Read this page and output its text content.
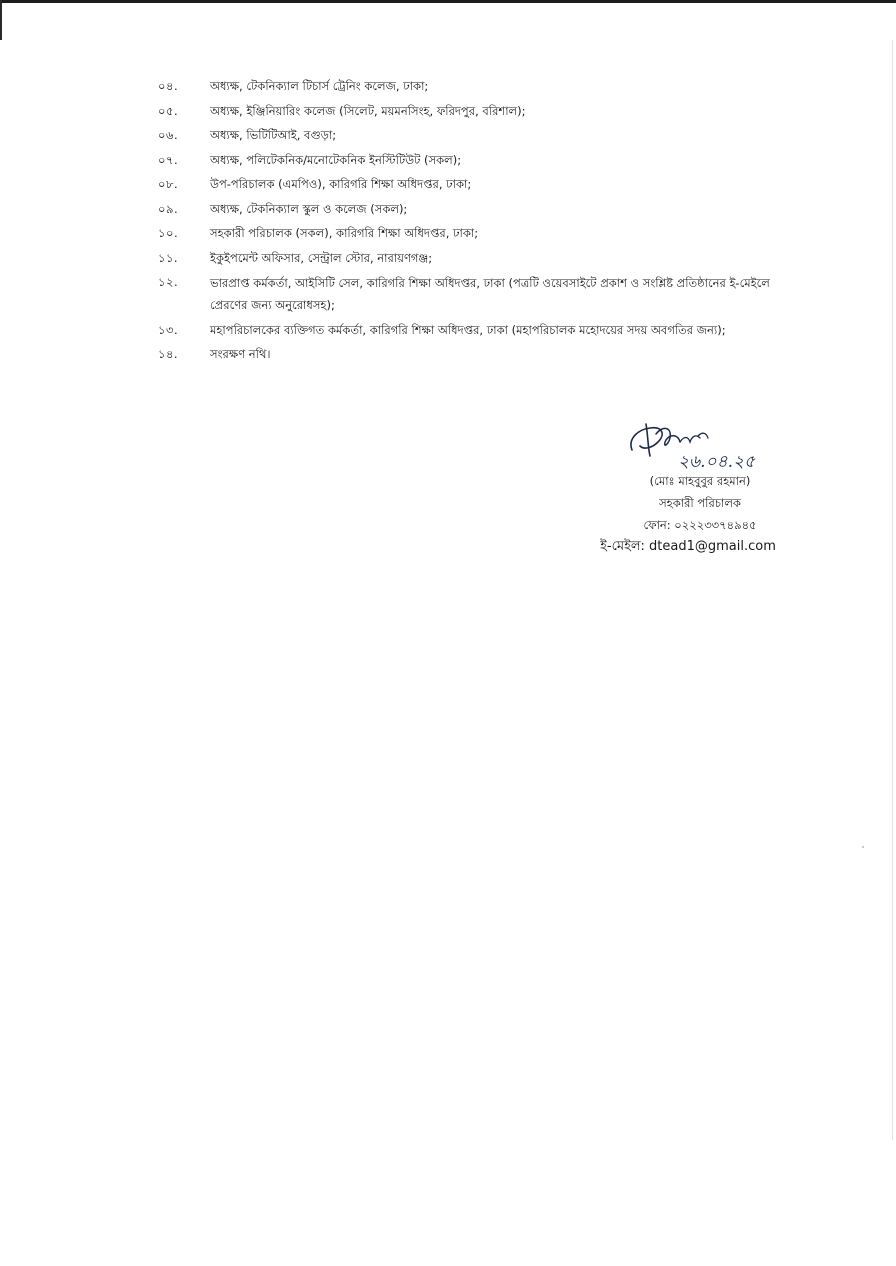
০৪.	অধ্যক্ষ, টেকনিক্যাল টিচার্স ট্রেনিং কলেজ, ঢাকা;
০৫.	অধ্যক্ষ, ইঞ্জিনিয়ারিং কলেজ (সিলেট, ময়মনসিংহ, ফরিদপুর, বরিশাল);
০৬.	অধ্যক্ষ, ভিটিটিআই, বগুড়া;
০৭.	অধ্যক্ষ, পলিটেকনিক/মনোটেকনিক ইনস্টিটিউট (সকল);
০৮.	উপ-পরিচালক (এমপিও), কারিগরি শিক্ষা অধিদপ্তর, ঢাকা;
০৯.	অধ্যক্ষ, টেকনিক্যাল স্কুল ও কলেজ (সকল);
১০.	সহকারী পরিচালক (সকল), কারিগরি শিক্ষা অধিদপ্তর, ঢাকা;
১১.	ইকুইপমেন্ট অফিসার, সেন্ট্রাল স্টোর, নারায়ণগঞ্জ;
১২.	ভারপ্রাপ্ত কর্মকর্তা, আইসিটি সেল, কারিগরি শিক্ষা অধিদপ্তর, ঢাকা (পত্রটি ওয়েবসাইটে প্রকাশ ও সংশ্লিষ্ট প্রতিষ্ঠানের ই-মেইলে প্রেরণের জন্য অনুরোধসহ);
১৩.	মহাপরিচালকের ব্যক্তিগত কর্মকর্তা, কারিগরি শিক্ষা অধিদপ্তর, ঢাকা (মহাপরিচালক মহোদয়ের সদয় অবগতির জন্য);
১৪.	সংরক্ষণ নথি।
২৬.০৪.২৫
(মোঃ মাহবুবুর রহমান)
সহকারী পরিচালক
ফোন: ০২২২৩৩৭৪৯৪৫
ই-মেইল: dtead1@gmail.com
